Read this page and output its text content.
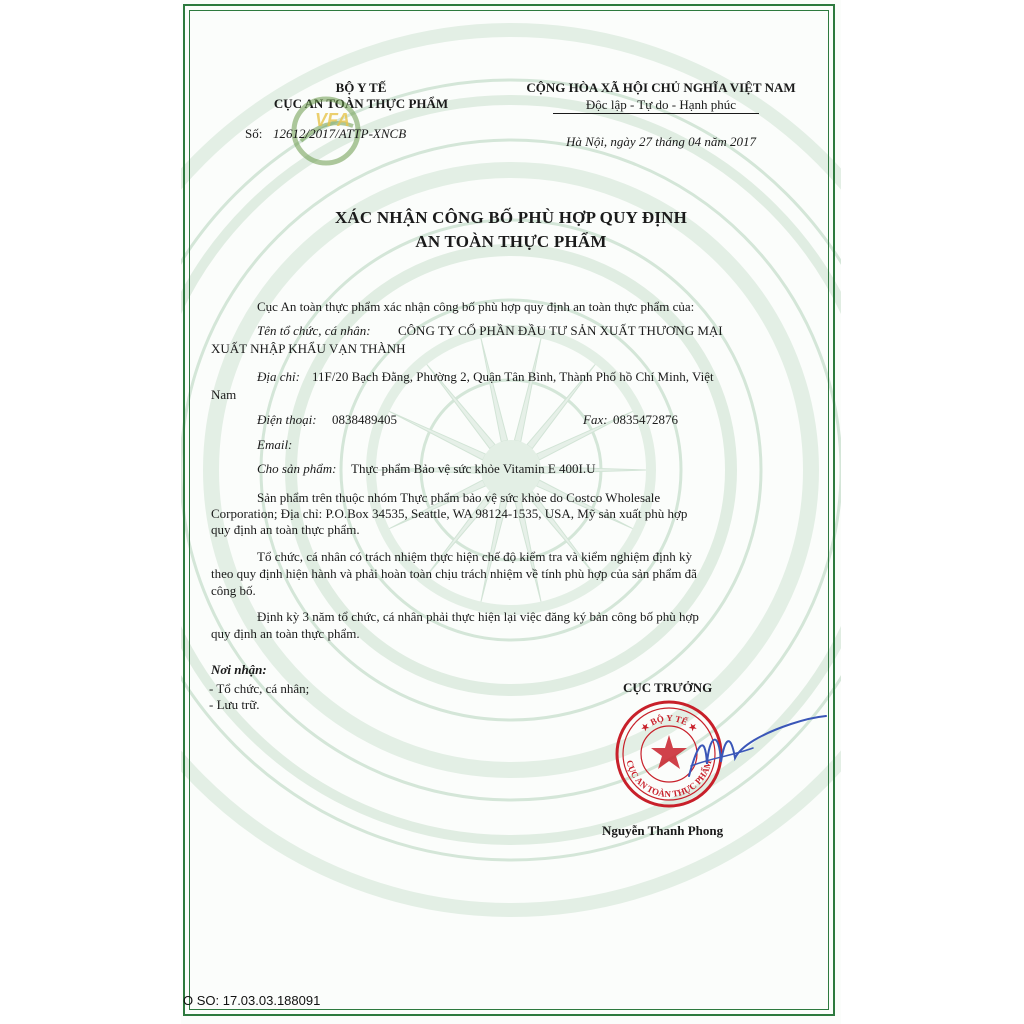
BỘ Y TẾ
CỤC AN TOÀN THỰC PHẨM
VFA
Số: 12612/2017/ATTP-XNCB
CỘNG HÒA XÃ HỘI CHỦ NGHĨA VIỆT NAM
Độc lập - Tự do - Hạnh phúc
Hà Nội, ngày 27 tháng 04 năm 2017
XÁC NHẬN CÔNG BỐ PHÙ HỢP QUY ĐỊNH
AN TOÀN THỰC PHẨM
Cục An toàn thực phẩm xác nhận công bố phù hợp quy định an toàn thực phẩm của:
Tên tổ chức, cá nhân: CÔNG TY CỔ PHẦN ĐẦU TƯ SẢN XUẤT THƯƠNG MẠI
XUẤT NHẬP KHẨU VẠN THÀNH
Địa chỉ: 11F/20 Bạch Đằng, Phường 2, Quận Tân Bình, Thành Phố hồ Chí Minh, Việt
Nam
Điện thoại: 0838489405	Fax: 0835472876
Email:
Cho sản phẩm: Thực phẩm Bảo vệ sức khỏe Vitamin E 400I.U
Sản phẩm trên thuộc nhóm Thực phẩm bảo vệ sức khỏe do Costco Wholesale
Corporation; Địa chỉ: P.O.Box 34535, Seattle, WA 98124-1535, USA, Mỹ sản xuất phù hợp
quy định an toàn thực phẩm.
Tổ chức, cá nhân có trách nhiệm thực hiện chế độ kiểm tra và kiểm nghiệm định kỳ
theo quy định hiện hành và phải hoàn toàn chịu trách nhiệm về tính phù hợp của sản phẩm đã
công bố.
Định kỳ 3 năm tổ chức, cá nhân phải thực hiện lại việc đăng ký bản công bố phù hợp
quy định an toàn thực phẩm.
Nơi nhận:
- Tổ chức, cá nhân;
- Lưu trữ.
CỤC TRƯỞNG
★ BỘ Y TẾ ★
CỤC AN TOÀN THỰC PHẨM
Nguyễn Thanh Phong
O SO: 17.03.03.188091
